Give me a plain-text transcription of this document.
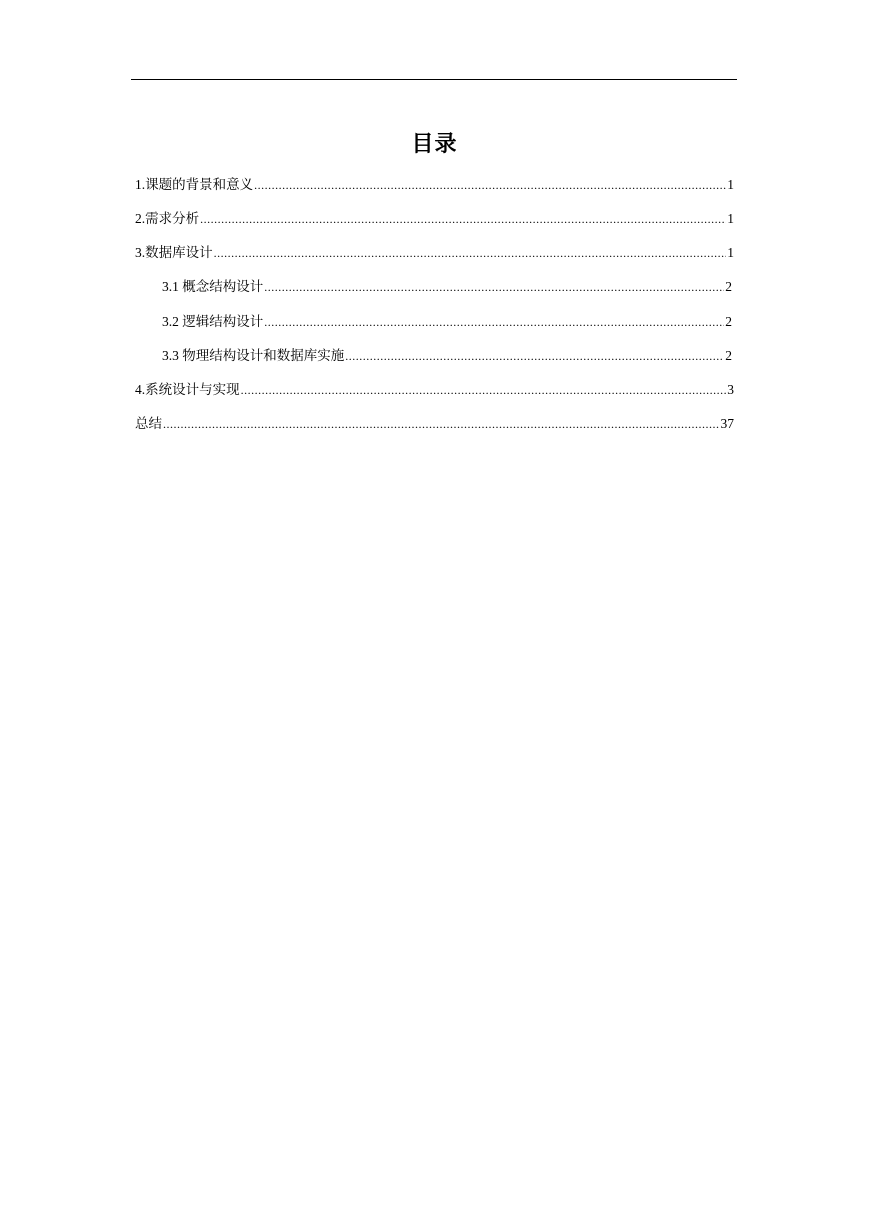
目录
1.课题的背景和意义 .....	1
2.需求分析 .....	1
3.数据库设计 .....	1
3.1 概念结构设计 .....	2
3.2 逻辑结构设计 .....	2
3.3 物理结构设计和数据库实施 .....	2
4.系统设计与实现 .....	3
总结 .....	37
